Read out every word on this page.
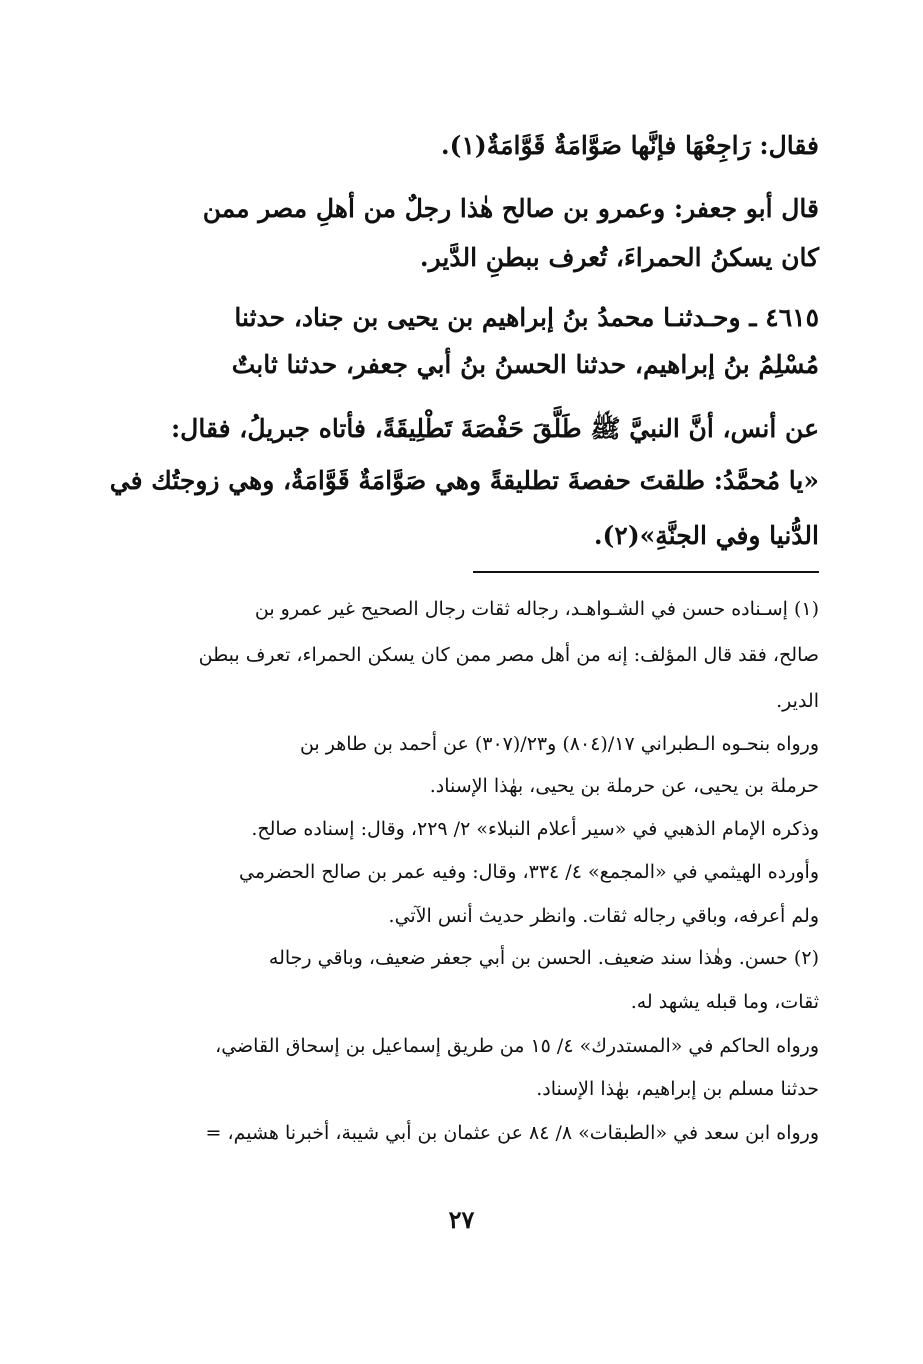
فقال: رَاجِعْهَا فإنَّها صَوَّامَةٌ قَوَّامَةٌ(١).
قال أبو جعفر: وعمرو بن صالح هٰذا رجلٌ من أهلِ مصر ممن
كان يسكنُ الحمراءَ، تُعرف ببطنِ الدَّير.
٤٦١٥ ـ وحـدثنـا محمدُ بنُ إبراهيم بن يحيى بن جناد، حدثنا
مُسْلِمُ بنُ إبراهيم، حدثنا الحسنُ بنُ أبي جعفر، حدثنا ثابتٌ
عن أنس، أنَّ النبيَّ ﷺ طَلَّقَ حَفْصَةَ تَطْلِيقَةً، فأتاه جبريلُ، فقال:
«يا مُحمَّدُ: طلقتَ حفصةَ تطليقةً وهي صَوَّامَةٌ قَوَّامَةٌ، وهي زوجتُك في
الدُّنيا وفي الجنَّةِ»(٢).
(١) إسـناده حسن في الشـواهـد، رجاله ثقات رجال الصحيح غير عمرو بن
صالح، فقد قال المؤلف: إنه من أهل مصر ممن كان يسكن الحمراء، تعرف ببطن
الدير.
ورواه بنحـوه الـطبراني ١٧/(٨٠٤) و٢٣/(٣٠٧) عن أحمد بن طاهر بن
حرملة بن يحيى، عن حرملة بن يحيى، بهٰذا الإسناد.
وذكره الإمام الذهبي في «سير أعلام النبلاء» ٢/ ٢٢٩، وقال: إسناده صالح.
وأورده الهيثمي في «المجمع» ٤/ ٣٣٤، وقال: وفيه عمر بن صالح الحضرمي
ولم أعرفه، وباقي رجاله ثقات. وانظر حديث أنس الآتي.
(٢) حسن. وهٰذا سند ضعيف. الحسن بن أبي جعفر ضعيف، وباقي رجاله
ثقات، وما قبله يشهد له.
ورواه الحاكم في «المستدرك» ٤/ ١٥ من طريق إسماعيل بن إسحاق القاضي،
حدثنا مسلم بن إبراهيم، بهٰذا الإسناد.
ورواه ابن سعد في «الطبقات» ٨/ ٨٤ عن عثمان بن أبي شيبة، أخبرنا هشيم، =
٢٧
